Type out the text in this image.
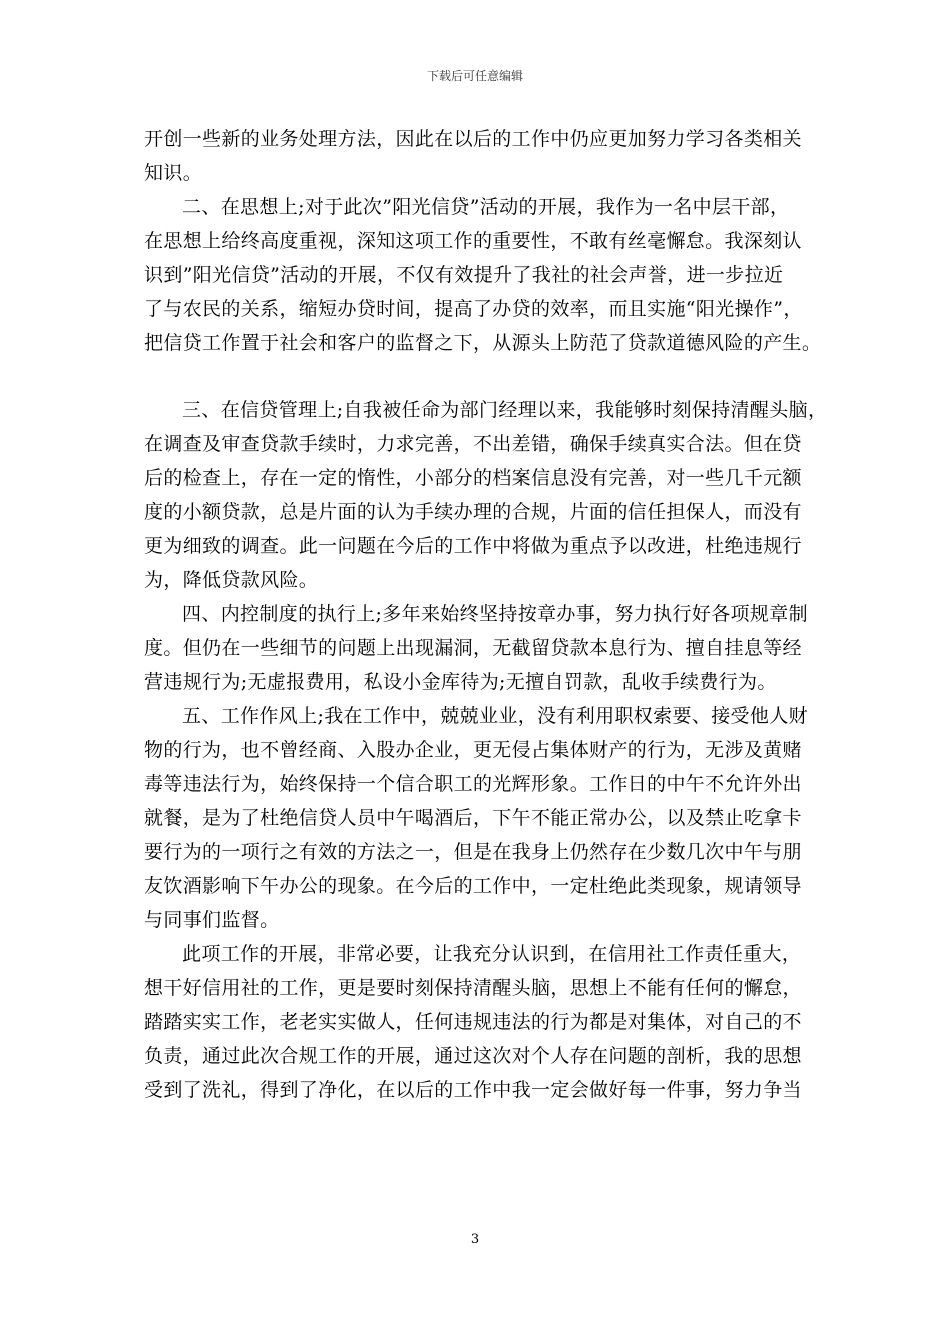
下载后可任意编辑
开创一些新的业务处理方法，因此在以后的工作中仍应更加努力学习各类相关
知识。
二、在思想上;对于此次”阳光信贷”活动的开展，我作为一名中层干部，
在思想上给终高度重视，深知这项工作的重要性，不敢有丝毫懈怠。我深刻认
识到”阳光信贷”活动的开展，不仅有效提升了我社的社会声誉，进一步拉近
了与农民的关系，缩短办贷时间，提高了办贷的效率，而且实施“阳光操作”，
把信贷工作置于社会和客户的监督之下，从源头上防范了贷款道德风险的产生。
三、在信贷管理上;自我被任命为部门经理以来，我能够时刻保持清醒头脑，
在调查及审查贷款手续时，力求完善，不出差错，确保手续真实合法。但在贷
后的检查上，存在一定的惰性，小部分的档案信息没有完善，对一些几千元额
度的小额贷款，总是片面的认为手续办理的合规，片面的信任担保人，而没有
更为细致的调查。此一问题在今后的工作中将做为重点予以改进，杜绝违规行
为，降低贷款风险。
四、内控制度的执行上;多年来始终坚持按章办事，努力执行好各项规章制
度。但仍在一些细节的问题上出现漏洞，无截留贷款本息行为、擅自挂息等经
营违规行为;无虚报费用，私设小金库待为;无擅自罚款，乱收手续费行为。
五、工作作风上;我在工作中，兢兢业业，没有利用职权索要、接受他人财
物的行为，也不曾经商、入股办企业，更无侵占集体财产的行为，无涉及黄赌
毒等违法行为，始终保持一个信合职工的光辉形象。工作日的中午不允许外出
就餐，是为了杜绝信贷人员中午喝酒后，下午不能正常办公，以及禁止吃拿卡
要行为的一项行之有效的方法之一，但是在我身上仍然存在少数几次中午与朋
友饮酒影响下午办公的现象。在今后的工作中，一定杜绝此类现象，规请领导
与同事们监督。
此项工作的开展，非常必要，让我充分认识到，在信用社工作责任重大，
想干好信用社的工作，更是要时刻保持清醒头脑，思想上不能有任何的懈怠，
踏踏实实工作，老老实实做人，任何违规违法的行为都是对集体，对自己的不
负责，通过此次合规工作的开展，通过这次对个人存在问题的剖析，我的思想
受到了洗礼，得到了净化，在以后的工作中我一定会做好每一件事，努力争当
3
